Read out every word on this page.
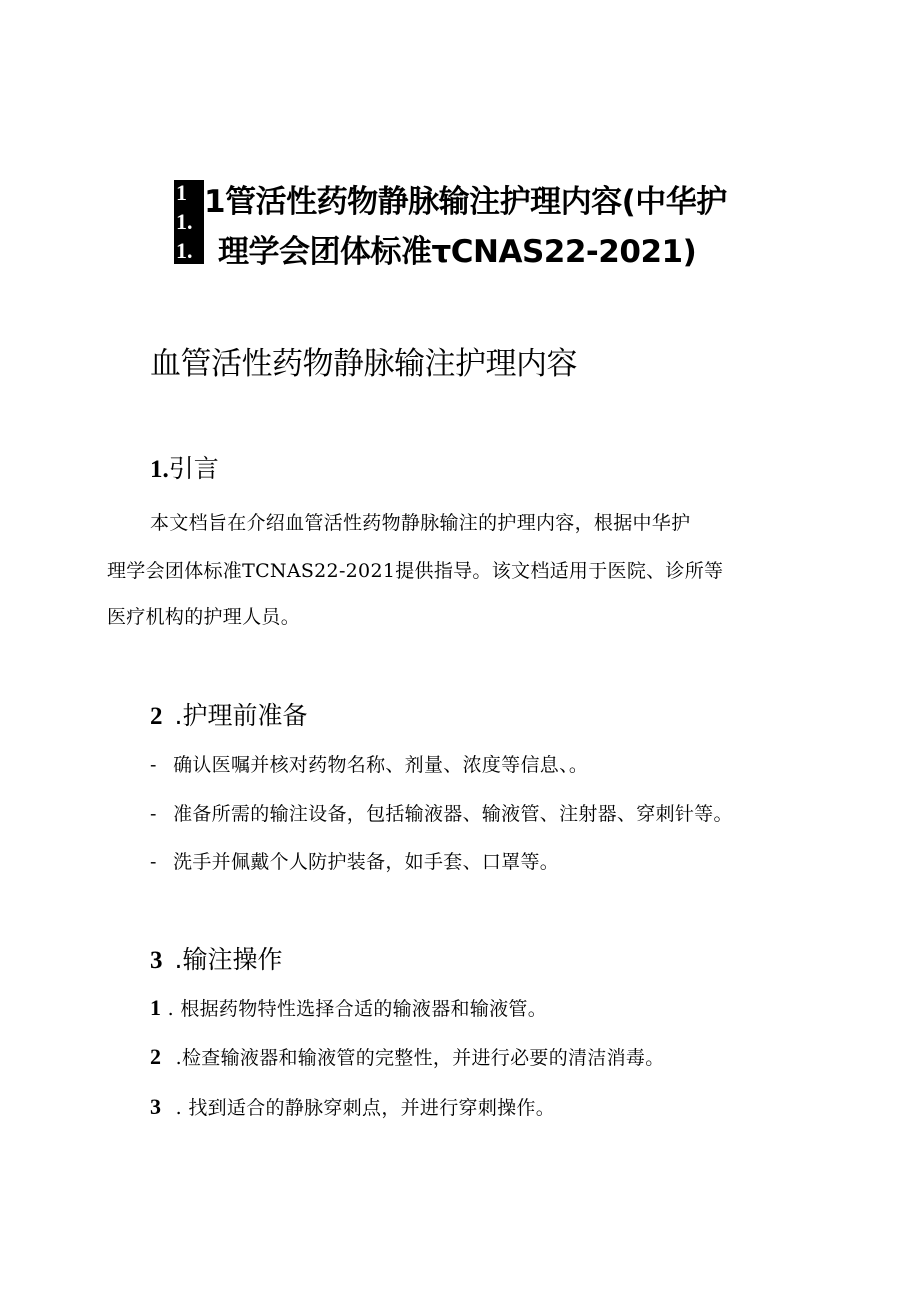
1
1.
1.
1管活性药物静脉输注护理内容(中华护
理学会团体标准τCNAS22-2021)
血管活性药物静脉输注护理内容
1.引言
本文档旨在介绍血管活性药物静脉输注的护理内容，根据中华护
理学会团体标准TCNAS22-2021提供指导。该文档适用于医院、诊所等
医疗机构的护理人员。
2 .护理前准备
- 确认医嘱并核对药物名称、剂量、浓度等信息、。
- 准备所需的输注设备，包括输液器、输液管、注射器、穿刺针等。
- 洗手并佩戴个人防护装备，如手套、口罩等。
3 .输注操作
1 . 根据药物特性选择合适的输液器和输液管。
2 .检查输液器和输液管的完整性，并进行必要的清洁消毒。
3 . 找到适合的静脉穿刺点，并进行穿刺操作。
